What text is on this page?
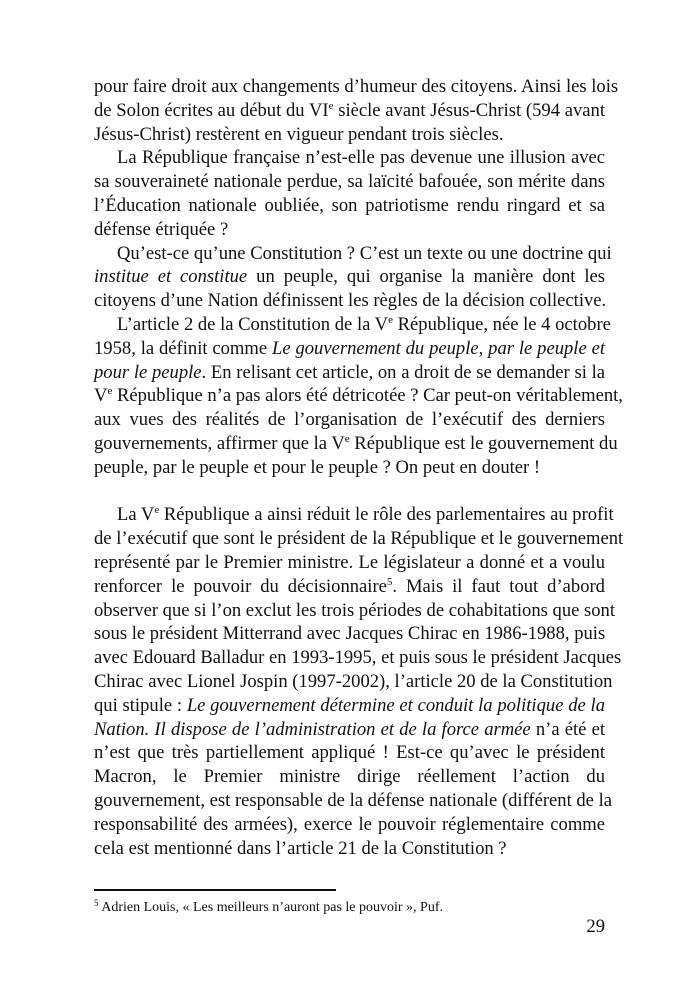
pour faire droit aux changements d’humeur des citoyens. Ainsi les lois
de Solon écrites au début du VIe siècle avant Jésus-Christ (594 avant
Jésus-Christ) restèrent en vigueur pendant trois siècles.
La République française n’est-elle pas devenue une illusion avec
sa souveraineté nationale perdue, sa laïcité bafouée, son mérite dans
l’Éducation nationale oubliée, son patriotisme rendu ringard et sa
défense étriquée ?
Qu’est-ce qu’une Constitution ? C’est un texte ou une doctrine qui
institue et constitue un peuple, qui organise la manière dont les
citoyens d’une Nation définissent les règles de la décision collective.
L’article 2 de la Constitution de la Ve République, née le 4 octobre
1958, la définit comme Le gouvernement du peuple, par le peuple et
pour le peuple. En relisant cet article, on a droit de se demander si la
Ve République n’a pas alors été détricotée ? Car peut-on véritablement,
aux vues des réalités de l’organisation de l’exécutif des derniers
gouvernements, affirmer que la Ve République est le gouvernement du
peuple, par le peuple et pour le peuple ? On peut en douter !
La Ve République a ainsi réduit le rôle des parlementaires au profit
de l’exécutif que sont le président de la République et le gouvernement
représenté par le Premier ministre. Le législateur a donné et a voulu
renforcer le pouvoir du décisionnaire$^5$. Mais il faut tout d’abord
observer que si l’on exclut les trois périodes de cohabitations que sont
sous le président Mitterrand avec Jacques Chirac en 1986-1988, puis
avec Edouard Balladur en 1993-1995, et puis sous le président Jacques
Chirac avec Lionel Jospin (1997-2002), l’article 20 de la Constitution
qui stipule : Le gouvernement détermine et conduit la politique de la
Nation. Il dispose de l’administration et de la force armée n’a été et
n’est que très partiellement appliqué ! Est-ce qu’avec le président
Macron, le Premier ministre dirige réellement l’action du
gouvernement, est responsable de la défense nationale (différent de la
responsabilité des armées), exerce le pouvoir réglementaire comme
cela est mentionné dans l’article 21 de la Constitution ?
$^5$ Adrien Louis, « Les meilleurs n’auront pas le pouvoir », Puf.
29
